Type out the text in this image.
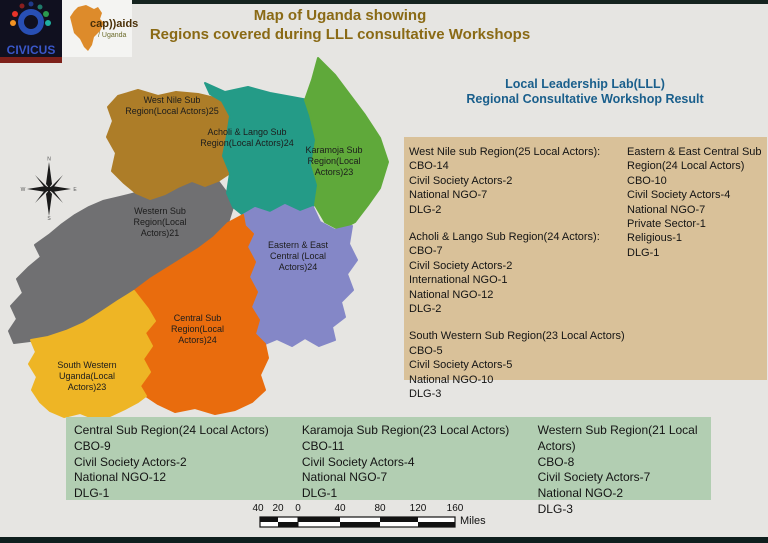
CIVICUS
cap))aids
/ Uganda
Map of Uganda showing
Regions covered during LLL consultative Workshops
Local Leadership Lab(LLL)
Regional Consultative Workshop Result
West Nile Sub Region(Local Actors)25
Acholi & Lango Sub Region(Local Actors)24
Karamoja Sub Region(Local Actors)23
Western Sub Region(Local Actors)21
Eastern & East Central (Local Actors)24
Central Sub Region(Local Actors)24
South Western Uganda(Local Actors)23
N
E
S
W
West Nile sub Region(25 Local Actors):
CBO-14
Civil Society Actors-2
National NGO-7
DLG-2
Acholi & Lango Sub Region(24 Actors):
CBO-7
Civil Society Actors-2
International NGO-1
National NGO-12
DLG-2
South Western Sub Region(23 Local Actors)
CBO-5
Civil Society Actors-5
National NGO-10
DLG-3
Eastern & East Central Sub Region(24 Local Actors)
CBO-10
Civil Society Actors-4
National NGO-7
Private Sector-1
Religious-1
DLG-1
Central Sub Region(24 Local Actors)
CBO-9
Civil Society Actors-2
National NGO-12
DLG-1
Karamoja Sub Region(23 Local Actors)
CBO-11
Civil Society Actors-4
National NGO-7
DLG-1
Western Sub Region(21 Local Actors)
CBO-8
Civil Society Actors-7
National NGO-2
DLG-3
40 20 0	40	80 120 160
Miles
